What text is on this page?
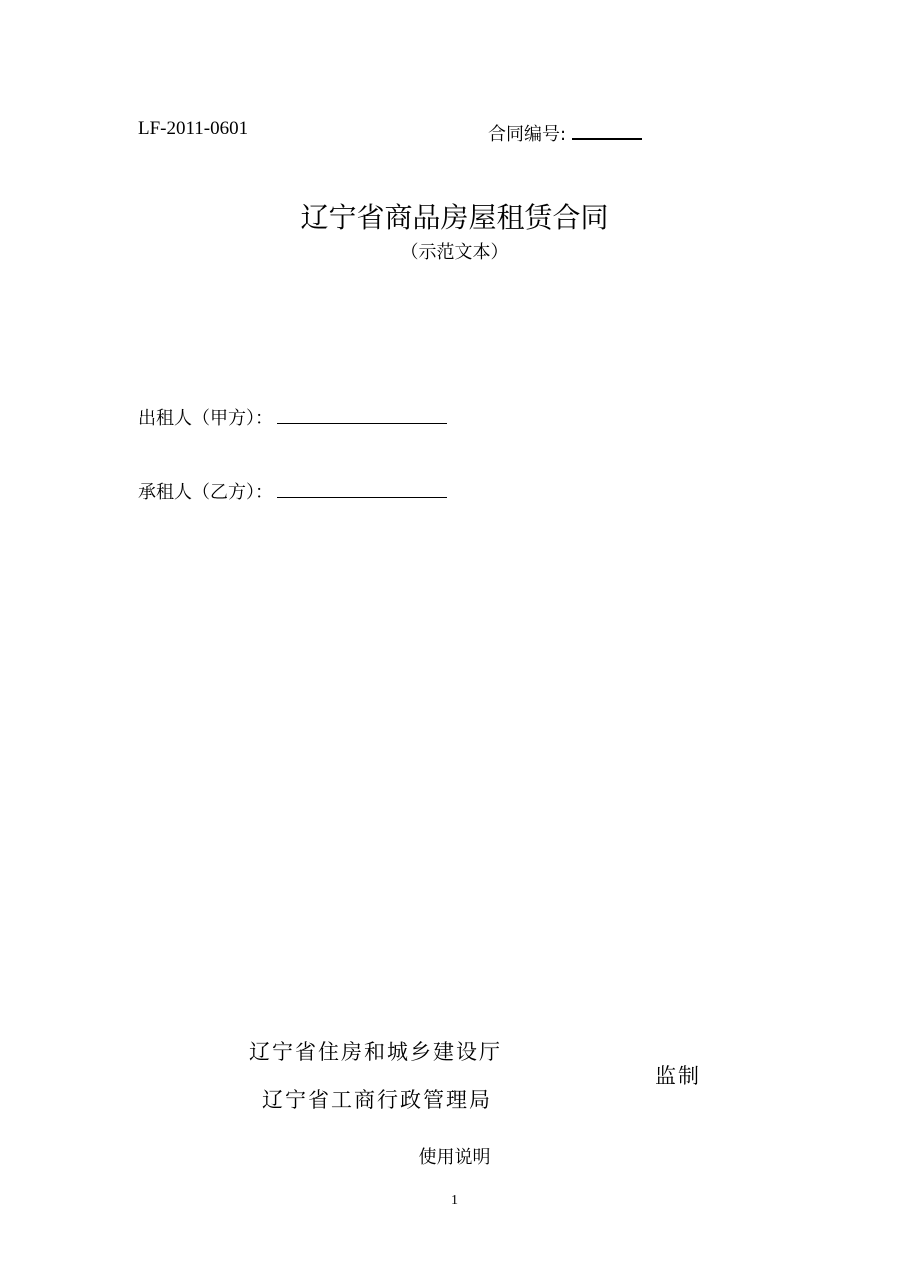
LF-2011-0601	合同编号:
辽宁省商品房屋租赁合同
（示范文本）
出租人（甲方）：
承租人（乙方）：
辽宁省住房和城乡建设厅
辽宁省工商行政管理局
监制
使用说明
1
